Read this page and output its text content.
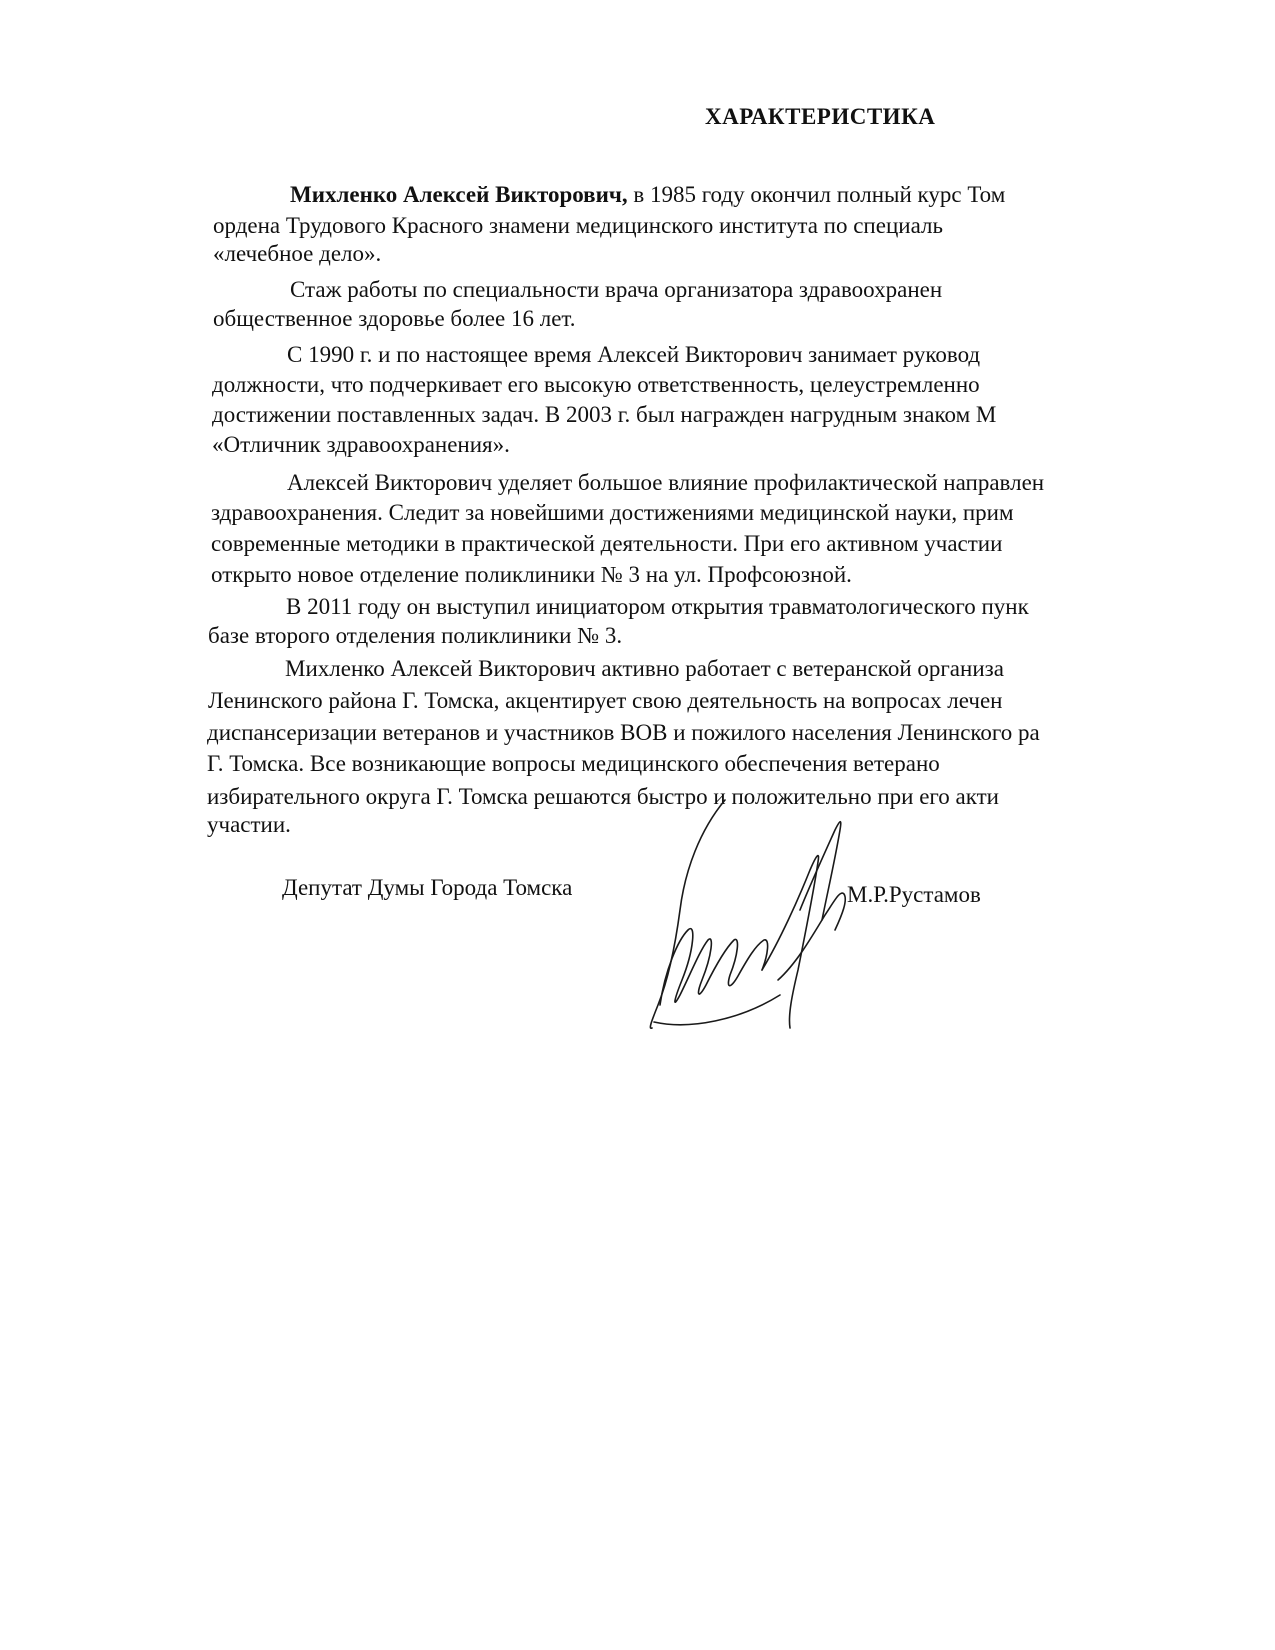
ХАРАКТЕРИСТИКА
Михленко Алексей Викторович, в 1985 году окончил полный курс Том
ордена Трудового Красного знамени медицинского института по специаль
«лечебное дело».
Стаж работы по специальности врача организатора здравоохранен
общественное здоровье более 16 лет.
С 1990 г. и по настоящее время Алексей Викторович занимает руковод
должности, что подчеркивает его высокую ответственность, целеустремленно
достижении поставленных задач. В 2003 г. был награжден нагрудным знаком М
«Отличник здравоохранения».
Алексей Викторович уделяет большое влияние профилактической направлен
здравоохранения. Следит за новейшими достижениями медицинской науки, прим
современные методики в практической деятельности. При его активном участии
открыто новое отделение поликлиники № 3 на ул. Профсоюзной.
В 2011 году он выступил инициатором открытия травматологического пунк
базе второго отделения поликлиники № 3.
Михленко Алексей Викторович активно работает с ветеранской организа
Ленинского района Г. Томска, акцентирует свою деятельность на вопросах лечен
диспансеризации ветеранов и участников ВОВ и пожилого населения Ленинского ра
Г. Томска. Все возникающие вопросы медицинского обеспечения ветерано
избирательного округа Г. Томска решаются быстро и положительно при его акти
участии.
Депутат Думы Города Томска	М.Р.Рустамов
